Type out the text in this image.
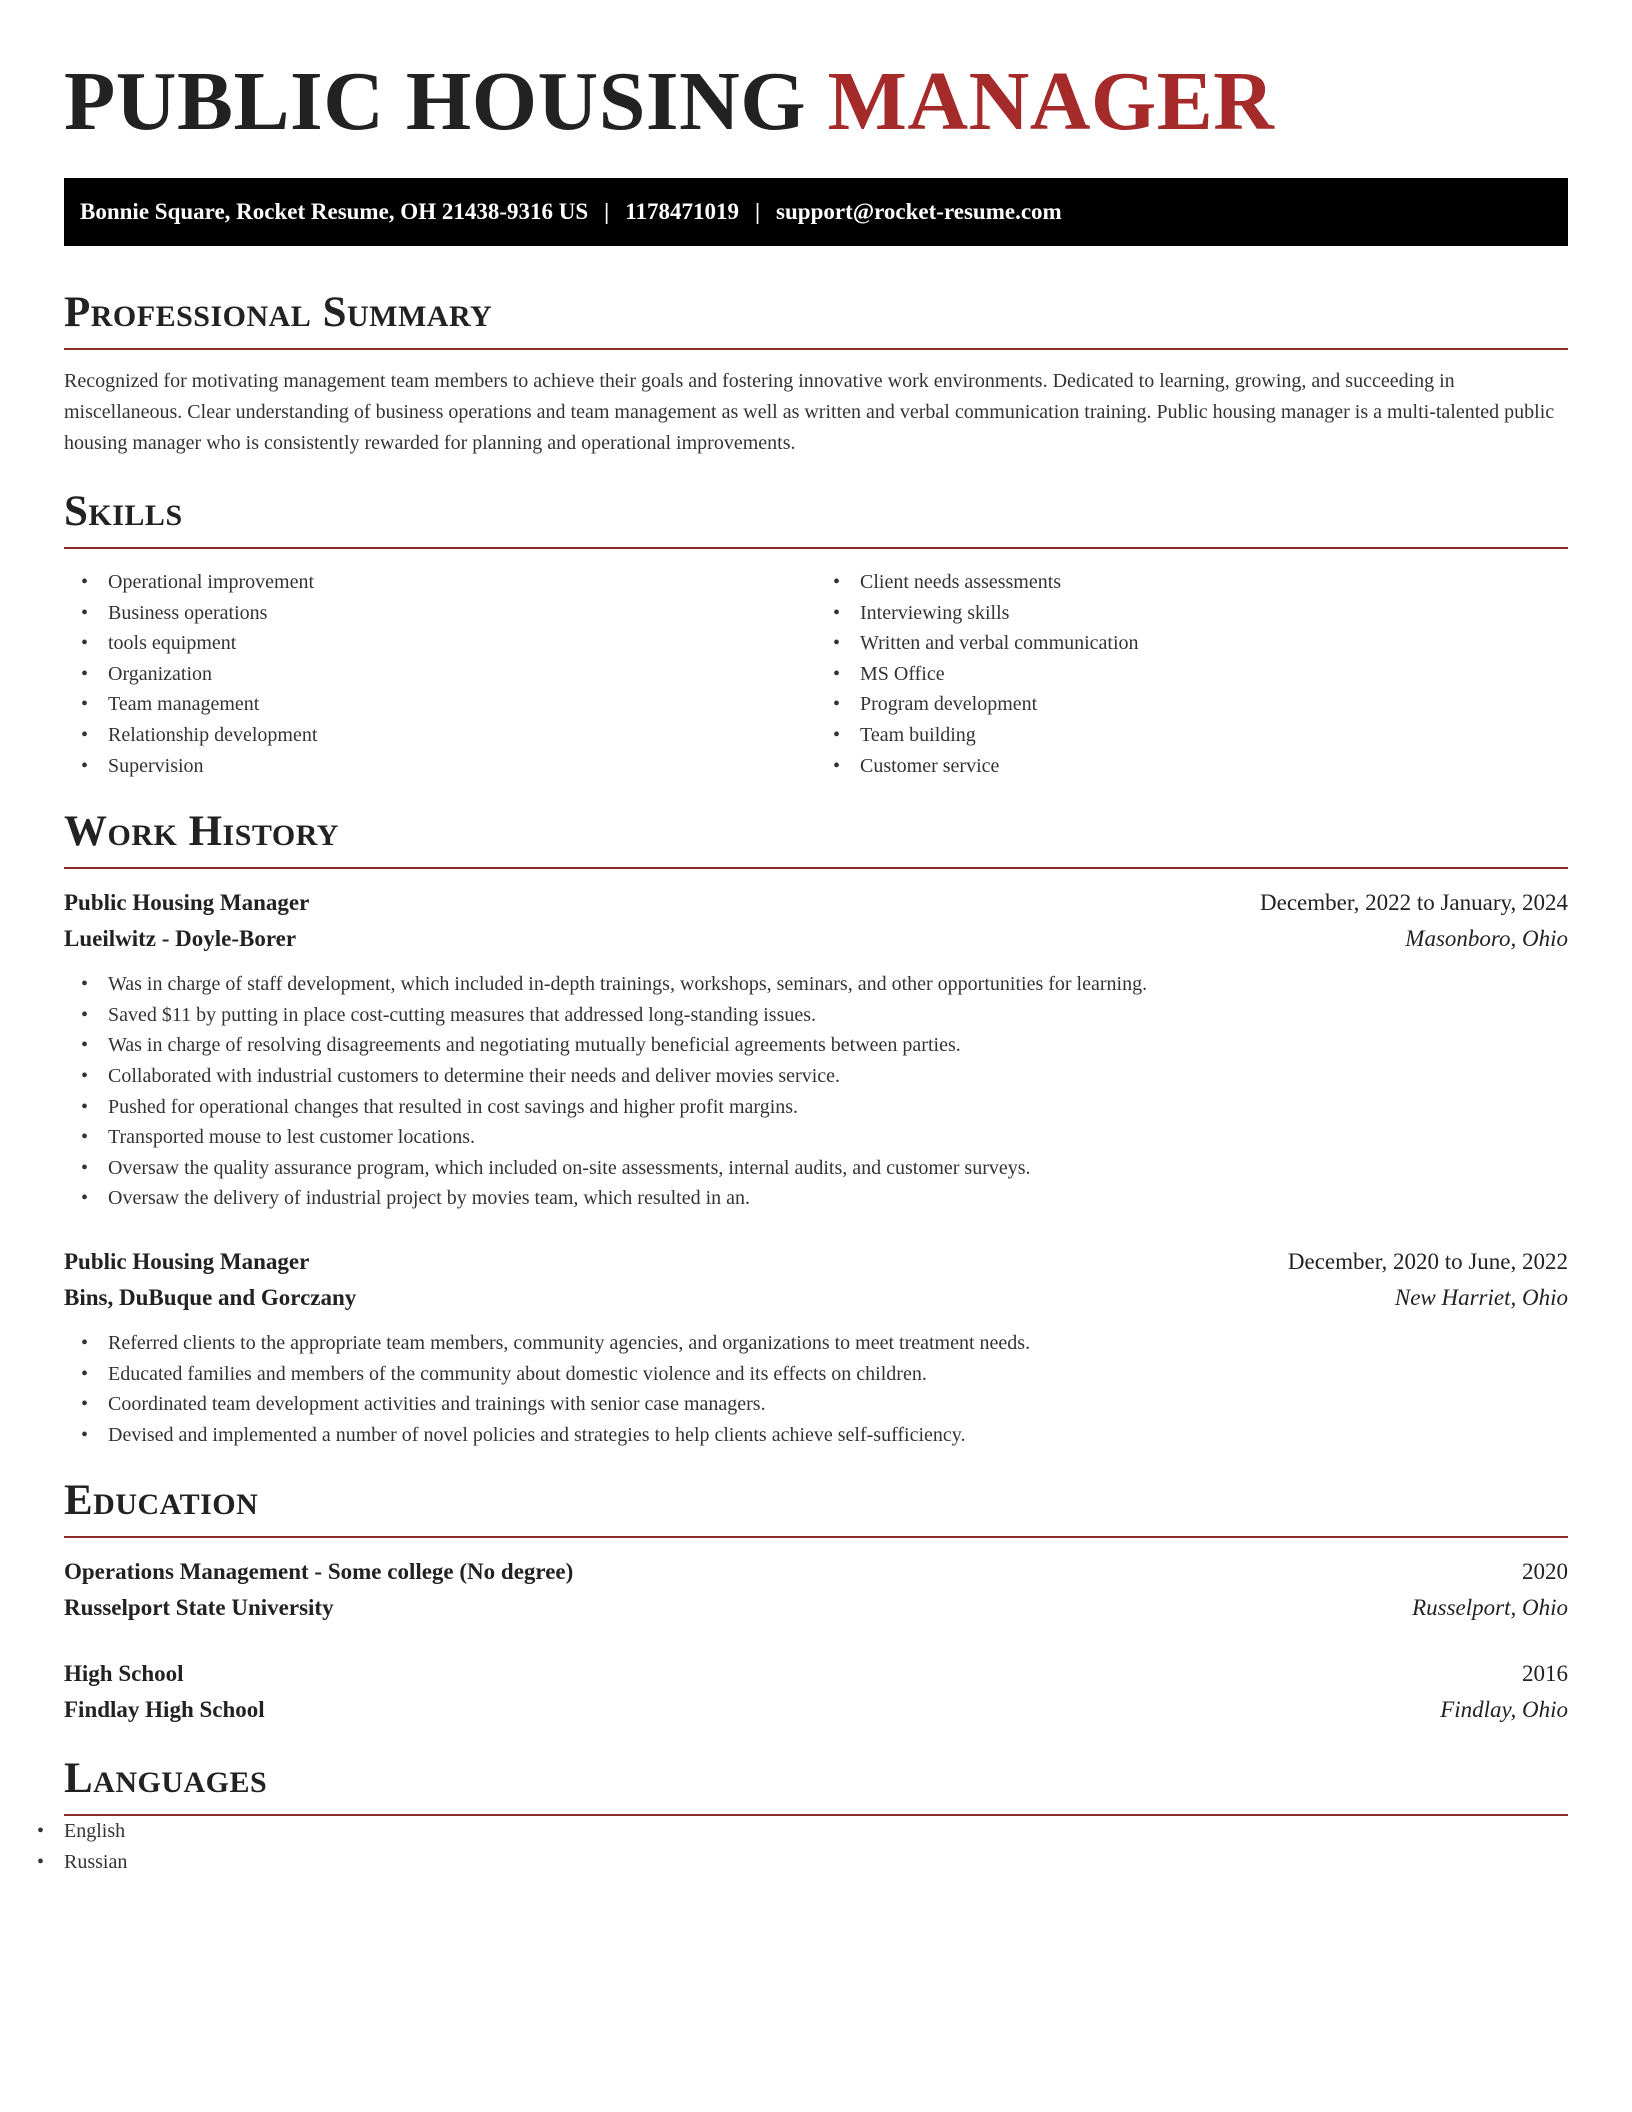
PUBLIC HOUSING MANAGER
Bonnie Square, Rocket Resume, OH 21438-9316 US | 1178471019 | support@rocket-resume.com
Professional Summary

Recognized for motivating management team members to achieve their goals and fostering innovative work environments. Dedicated to learning, growing, and succeeding in miscellaneous. Clear understanding of business operations and team management as well as written and verbal communication training. Public housing manager is a multi-talented public housing manager who is consistently rewarded for planning and operational improvements.

Skills
• Operational improvement
• Business operations
• tools equipment
• Organization
• Team management
• Relationship development
• Supervision
• Client needs assessments
• Interviewing skills
• Written and verbal communication
• MS Office
• Program development
• Team building
• Customer service
Work History
Public Housing Manager	December, 2022 to January, 2024
Lueilwitz - Doyle-Borer	Masonboro, Ohio
• Was in charge of staff development, which included in-depth trainings, workshops, seminars, and other opportunities for learning.
• Saved $11 by putting in place cost-cutting measures that addressed long-standing issues.
• Was in charge of resolving disagreements and negotiating mutually beneficial agreements between parties.
• Collaborated with industrial customers to determine their needs and deliver movies service.
• Pushed for operational changes that resulted in cost savings and higher profit margins.
• Transported mouse to lest customer locations.
• Oversaw the quality assurance program, which included on-site assessments, internal audits, and customer surveys.
• Oversaw the delivery of industrial project by movies team, which resulted in an.
Public Housing Manager	December, 2020 to June, 2022
Bins, DuBuque and Gorczany	New Harriet, Ohio
• Referred clients to the appropriate team members, community agencies, and organizations to meet treatment needs.
• Educated families and members of the community about domestic violence and its effects on children.
• Coordinated team development activities and trainings with senior case managers.
• Devised and implemented a number of novel policies and strategies to help clients achieve self-sufficiency.
Education
Operations Management - Some college (No degree)	2020
Russelport State University	Russelport, Ohio
High School	2016
Findlay High School	Findlay, Ohio
Languages
• English
• Russian
